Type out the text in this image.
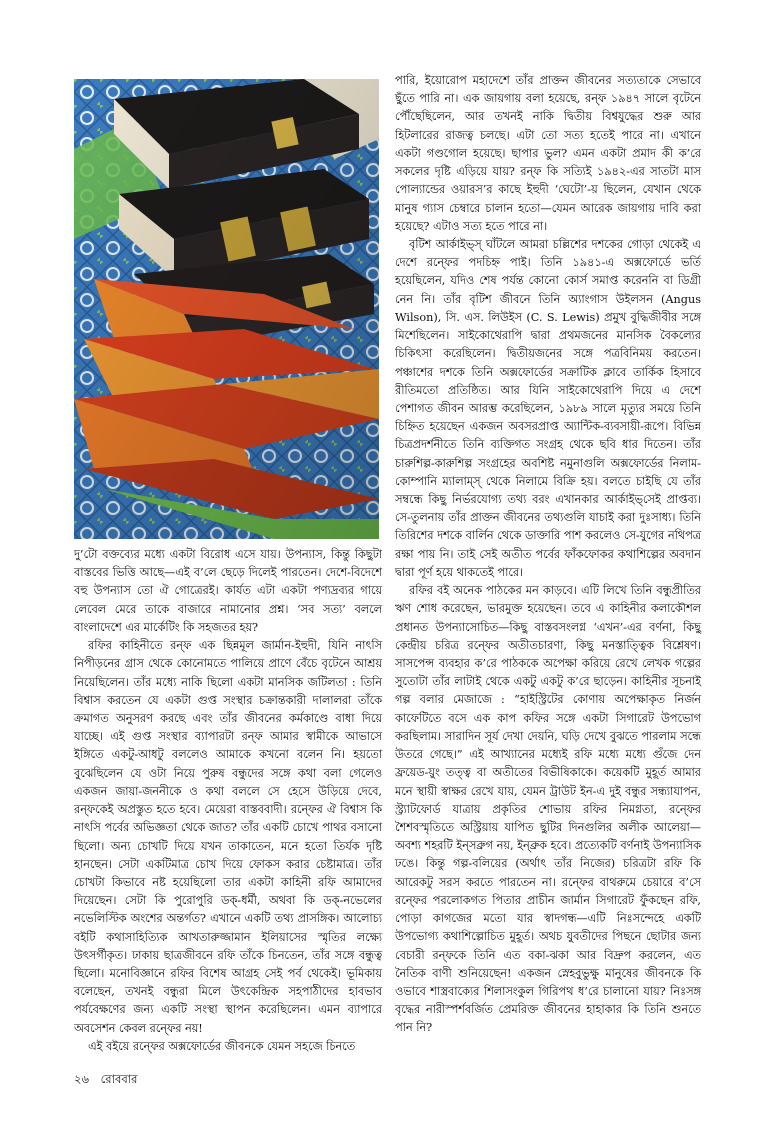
দু’টো বক্তব্যের মধ্যে একটা বিরোধ এসে যায়। উপন্যাস, কিন্তু কিছুটা বাস্তবের ভিত্তি আছে—এই ব’লে ছেড়ে দিলেই পারতেন। দেশে-বিদেশে বহু উপন্যাস তো ঐ গোত্রেরই। কার্যত এটা একটা পণ্যদ্রব্যর গায়ে লেবেল মেরে তাকে বাজারে নামানোর প্রশ্ন। ‘সব সত্য’ বললে বাংলাদেশে এর মার্কেটিং কি সহজতর হয়?

রফির কাহিনীতে রন্ফ এক ছিন্নমূল জার্মান-ইহুদী, যিনি নাৎসি নিপীড়নের গ্রাস থেকে কোনোমতে পালিয়ে প্রাণে বেঁচে বৃটেনে আশ্রয় নিয়েছিলেন। তাঁর মধ্যে নাকি ছিলো একটা মানসিক জটিলতা : তিনি বিশ্বাস করতেন যে একটা গুপ্ত সংস্থার চক্রান্তকারী দালালরা তাঁকে ক্রমাগত অনুসরণ করছে এবং তাঁর জীবনের কর্মকাণ্ডে বাধা দিয়ে যাচ্ছে। এই গুপ্ত সংস্থার ব্যাপারটা রন্ফ আমার স্বামীকে আভাসে ইঙ্গিতে একটু-আধটু বললেও আমাকে কখনো বলেন নি। হয়তো বুঝেছিলেন যে ওটা নিয়ে পুরুষ বন্ধুদের সঙ্গে কথা বলা গেলেও একজন জায়া-জননীকে ও কথা বললে সে হেসে উড়িয়ে দেবে, রন্ফকেই অপ্রস্তুত হতে হবে। মেয়েরা বাস্তববাদী। রন্ফের ঐ বিশ্বাস কি নাৎসি পর্বের অভিজ্ঞতা থেকে জাত? তাঁর একটি চোখে পাথর বসানো ছিলো। অন্য চোখটি দিয়ে যখন তাকাতেন, মনে হতো তির্যক দৃষ্টি হানছেন। সেটা একটিমাত্র চোখ দিয়ে ফোকস করার চেষ্টামাত্র। তাঁর চোখটা কিভাবে নষ্ট হয়েছিলো তার একটা কাহিনী রফি আমাদের দিয়েছেন। সেটা কি পুরোপুরি ডক্-ধর্মী, অথবা কি ডক্-নভেলের নভেলিস্টিক অংশের অন্তর্গত? এখানে একটি তথ্য প্রাসঙ্গিক। আলোচ্য বইটি কথাসাহিত্যিক আখতারুজ্জামান ইলিয়াসের স্মৃতির লক্ষ্যে উৎসর্গীকৃত। ঢাকায় ছাত্রজীবনে রফি তাঁকে চিনতেন, তাঁর সঙ্গে বন্ধুত্ব ছিলো। মনোবিজ্ঞানে রফির বিশেষ আগ্রহ সেই পর্ব থেকেই। ভূমিকায় বলেছেন, তখনই বন্ধুরা মিলে উৎকেন্দ্রিক সহপাঠীদের হাবভাব পর্যবেক্ষণের জন্য একটি সংস্থা স্থাপন করেছিলেন। এমন ব্যাপারে অবসেশন কেবল রন্ফের নয়!

এই বইয়ে রন্ফের অক্সফোর্ডের জীবনকে যেমন সহজে চিনতে

পারি, ইয়োরোপ মহাদেশে তাঁর প্রাক্তন জীবনের সত্যতাকে সেভাবে ছুঁতে পারি না। এক জায়গায় বলা হয়েছে, রন্ফ ১৯৪৭ সালে বৃটেনে পৌঁছেছিলেন, আর তখনই নাকি দ্বিতীয় বিশ্বযুদ্ধের শুরু আর হিটলারের রাজত্ব চলছে। এটা তো সত্য হতেই পারে না। এখানে একটা গণ্ডগোল হয়েছে। ছাপার ভুল? এমন একটা প্রমাদ কী ক’রে সকলের দৃষ্টি এড়িয়ে যায়? রন্ফ কি সত্যিই ১৯৪২-এর সাতটা মাস পোল্যান্ডের ওয়ারস’র কাছে ইহুদী ‘ঘেটো’-য় ছিলেন, যেখান থেকে মানুষ গ্যাস চেম্বারে চালান হতো—যেমন আরেক জায়গায় দাবি করা হয়েছে? এটাও সত্য হতে পারে না।

বৃটিশ আর্কাইভ্‌স্ ঘাঁটলে আমরা চল্লিশের দশকের গোড়া থেকেই এ দেশে রন্ফের পদচিহ্ন পাই। তিনি ১৯৪১-এ অক্সফোর্ডে ভর্তি হয়েছিলেন, যদিও শেষ পর্যন্ত কোনো কোর্স সমাপ্ত করেননি বা ডিগ্রী নেন নি। তাঁর বৃটিশ জীবনে তিনি অ্যাংগাস উইলসন (Angus Wilson), সি. এস. লিউইস (C. S. Lewis) প্রমুখ বুদ্ধিজীবীর সঙ্গে মিশেছিলেন। সাইকোথেরাপি দ্বারা প্রথমজনের মানসিক বৈকল্যের চিকিৎসা করেছিলেন। দ্বিতীয়জনের সঙ্গে পত্রবিনিময় করতেন। পঞ্চাশের দশকে তিনি অক্সফোর্ডের সক্রাটিক ক্লাবে তার্কিক হিসাবে রীতিমতো প্রতিষ্ঠিত। আর যিনি সাইকোথেরাপি দিয়ে এ দেশে পেশাগত জীবন আরম্ভ করেছিলেন, ১৯৮৯ সালে মৃত্যুর সময়ে তিনি চিহ্নিত হয়েছেন একজন অবসরপ্রাপ্ত অ্যান্টিক-ব্যবসায়ী-রূপে। বিভিন্ন চিত্রপ্রদর্শনীতে তিনি ব্যক্তিগত সংগ্রহ থেকে ছবি ধার দিতেন। তাঁর চারুশিল্প-কারুশিল্প সংগ্রহের অবশিষ্ট নমুনাগুলি অক্সফোর্ডের নিলাম-কোম্পানি ম্যালাম্‌স্ থেকে নিলামে বিক্রি হয়। বলতে চাইছি যে তাঁর সম্বন্ধে কিছু নির্ভরযোগ্য তথ্য বরং এখানকার আর্কাইভ্‌সেই প্রাপ্তব্য। সে-তুলনায় তাঁর প্রাক্তন জীবনের তথ্যগুলি যাচাই করা দুঃসাধ্য। তিনি তিরিশের দশকে বার্লিন থেকে ডাক্তারি পাশ করলেও সে-যুগের নথিপত্র রক্ষা পায় নি। তাই সেই অতীত পর্বের ফাঁকফোকর কথাশিল্পের অবদান দ্বারা পূর্ণ হয়ে থাকতেই পারে।

রফির বই অনেক পাঠকের মন কাড়বে। এটি লিখে তিনি বন্ধুপ্রীতির ঋণ শোধ করেছেন, ভারমুক্ত হয়েছেন। তবে এ কাহিনীর কলাকৌশল প্রধানত উপন্যাসোচিত—কিছু বাস্তবসংলগ্ন ‘এখন’-এর বর্ণনা, কিছু কেন্দ্রীয় চরিত্র রন্ফের অতীতচারণা, কিছু মনস্তাত্ত্বিক বিশ্লেষণ। সাসপেন্স ব্যবহার ক’রে পাঠককে অপেক্ষা করিয়ে রেখে লেখক গল্পের সুতোটা তাঁর লাটাই থেকে একটু একটু ক’রে ছাড়েন। কাহিনীর সূচনাই গল্প বলার মেজাজে : “হাইস্ট্রিটের কোণায় অপেক্ষাকৃত নির্জন কাফেটিতে বসে এক কাপ কফির সঙ্গে একটা সিগারেট উপভোগ করছিলাম। সারাদিন সূর্য দেখা দেয়নি, ঘড়ি দেখে বুঝতে পারলাম সন্ধে উতরে গেছে।” এই আখ্যানের মধ্যেই রফি মধ্যে মধ্যে গুঁজে দেন ফ্রয়েড-য়ুং তত্ত্ব বা অতীতের বিভীষিকাকে। কয়েকটি মুহূর্ত আমার মনে স্থায়ী স্বাক্ষর রেখে যায়, যেমন ট্রাউট ইন-এ দুই বন্ধুর সন্ধ্যাযাপন, স্ট্র্যাটফোর্ড যাত্রায় প্রকৃতির শোভায় রফির নিমগ্নতা, রন্ফের শৈশবস্মৃতিতে অস্ট্রিয়ায় যাপিত ছুটির দিনগুলির অলীক আলেয়া—অবশ্য শহরটি ইন্‌সব্রুগ নয়, ইন্‌ব্রুক হবে। প্রত্যেকটি বর্ণনাই উপন্যাসিক ঢঙে। কিন্তু গল্প-বলিয়ের (অর্থাৎ তাঁর নিজের) চরিত্রটা রফি কি আরেকটু সরস করতে পারতেন না। রন্ফের বাথরুমে চেয়ারে ব’সে রন্ফের পরলোকগত পিতার প্রাচীন জার্মান সিগারেট ফুঁকছেন রফি, পোড়া কাগজের মতো যার স্বাদগন্ধ—এটি নিঃসন্দেহে একটি উপভোগ্য কথাশিল্পোচিত মুহূর্ত। অথচ যুবতীদের পিছনে ছোটার জন্য বেচারী রন্ফকে তিনি এত বকা-ঝকা আর বিদ্রুপ করলেন, এত নৈতিক বাণী শুনিয়েছেন! একজন স্নেহবুভুক্ষু মানুষের জীবনকে কি ওভাবে শাস্ত্রবাক্যের শিলাসংকুল গিরিপথ ধ’রে চালানো যায়? নিঃসঙ্গ বৃদ্ধের নারীস্পর্শবর্জিত প্রেমরিক্ত জীবনের হাহাকার কি তিনি শুনতে পান নি?

২৬ রোববার
